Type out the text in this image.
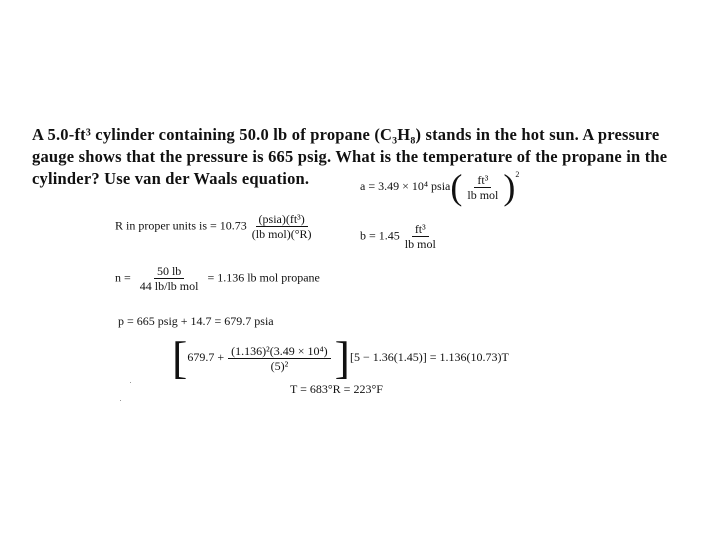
A 5.0-ft³ cylinder containing 50.0 lb of propane (C₃H₈) stands in the hot sun. A pressure
gauge shows that the pressure is 665 psig. What is the temperature of the propane in the
cylinder? Use van der Waals equation.	a = 3.49 × 10⁴ psia( $\frac{\text{ft³}}{\text{lb mol}} )^2$
R in proper units is = $10.73 \frac{\text{(psia)(ft³)}}{\text{(lb mol)(°R)}}$	$b = 1.45 \frac{\text{ft³}}{\text{lb mol}}$
$n = \frac{50 lb}{\text{44 lb/lb mol}} = 1.136$ lb mol propane
p = 665 psig + 14.7 = 679.7 psia
$[679.7 + \frac{\text{(1.136)²(3.49 × 10⁴)}}{\text{(5)²}} ][5 - 1.36(1.45)] = 1.136(10.73)T$
T = 683°R = 223°F
